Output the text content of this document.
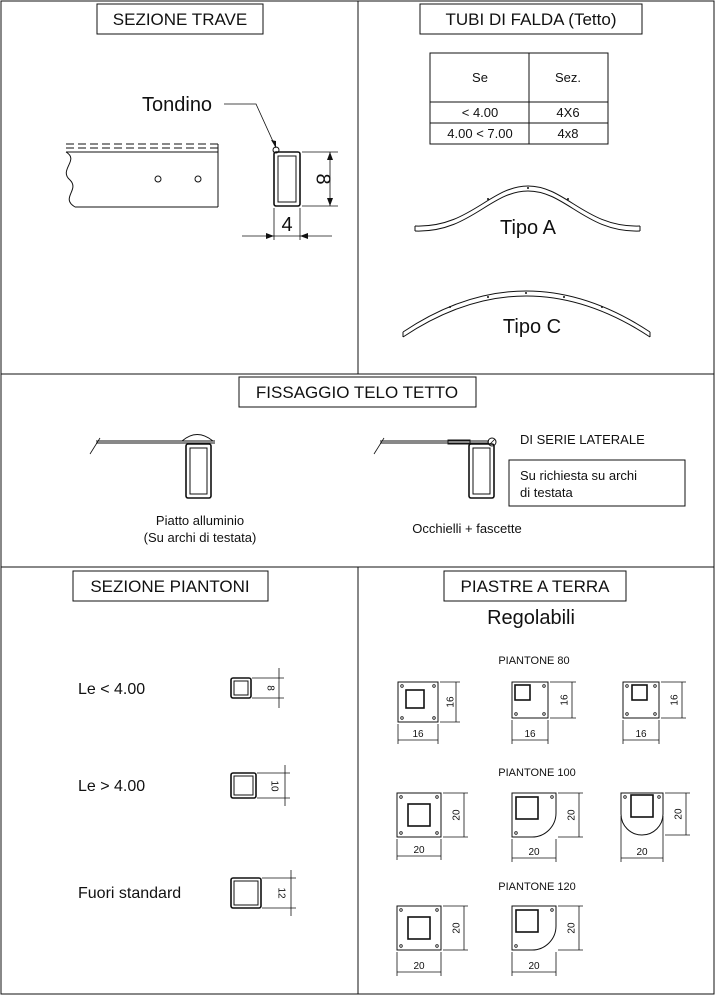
SEZIONE TRAVE
Tondino
8
4
TUBI DI FALDA (Tetto)
Se	Sez.
< 4.00	4X6
4.00 < 7.00	4x8
Tipo A
Tipo C
FISSAGGIO TELO TETTO
Piatto alluminio
(Su archi di testata)
Occhielli + fascette
DI SERIE LATERALE
Su richiesta su archi
di testata
SEZIONE PIANTONI
Le < 4.00	8
Le > 4.00	10
Fuori standard	12
PIASTRE A TERRA
Regolabili
PIANTONE 80
16
16
16
16
16
16
PIANTONE 100
20
20
20
20
20
20
PIANTONE 120
20
20
20
20
